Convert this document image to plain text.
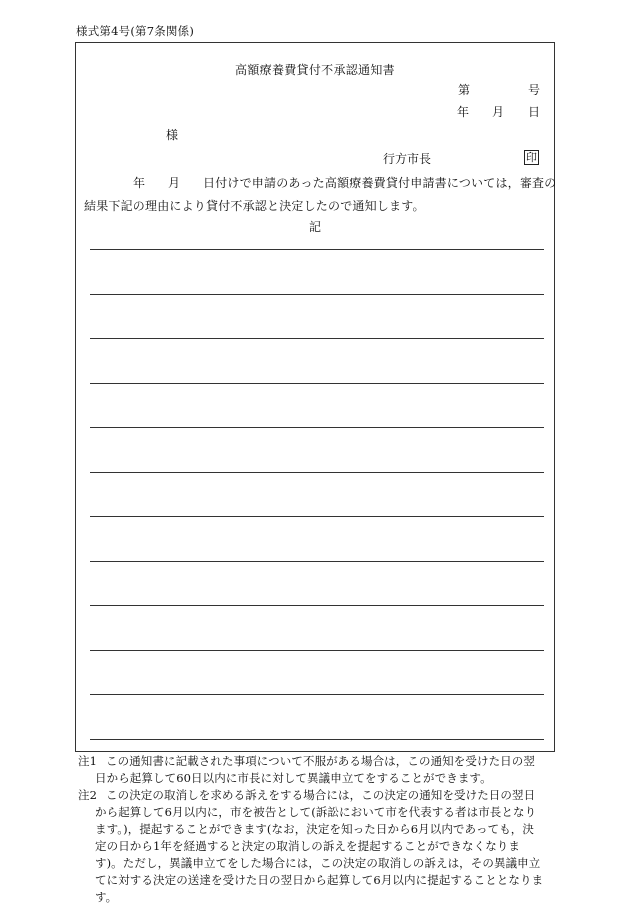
様式第4号(第7条関係)
高額療養費貸付不承認通知書
第	号
年 月 日
様
行方市長	印
年 月 日付けで申請のあった高額療養費貸付申請書については，審査の
結果下記の理由により貸付不承認と決定したので通知します。
記
注1 この通知書に記載された事項について不服がある場合は，この通知を受けた日の翌
日から起算して60日以内に市長に対して異議申立てをすることができます。
注2 この決定の取消しを求める訴えをする場合には，この決定の通知を受けた日の翌日
から起算して6月以内に，市を被告として(訴訟において市を代表する者は市長となり
ます。)，提起することができます(なお，決定を知った日から6月以内であっても，決
定の日から1年を経過すると決定の取消しの訴えを提起することができなくなりま
す)。ただし，異議申立てをした場合には，この決定の取消しの訴えは，その異議申立
てに対する決定の送達を受けた日の翌日から起算して6月以内に提起することとなりま
す。
